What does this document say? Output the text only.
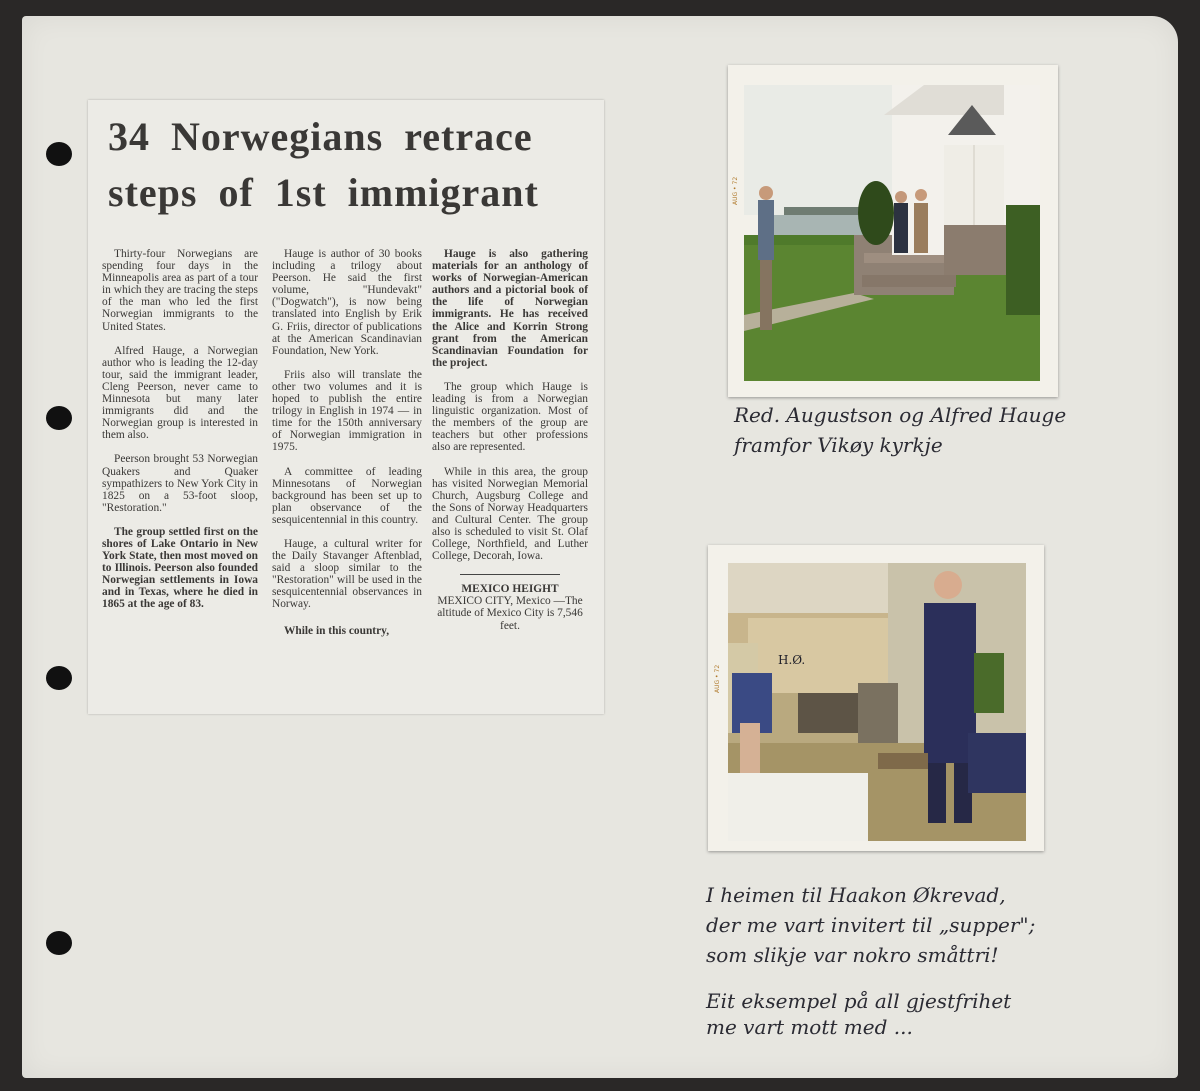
34 Norwegians retrace
steps of 1st immigrant

Thirty-four Norwegians are spending four days in the Minneapolis area as part of a tour in which they are tracing the steps of the man who led the first Norwegian immigrants to the United States.

Alfred Hauge, a Norwegian author who is leading the 12-day tour, said the immigrant leader, Cleng Peerson, never came to Minnesota but many later immigrants did and the Norwegian group is interested in them also.

Peerson brought 53 Norwegian Quakers and Quaker sympathizers to New York City in 1825 on a 53-foot sloop, "Restoration."

The group settled first on the shores of Lake Ontario in New York State, then most moved on to Illinois. Peerson also founded Norwegian settlements in Iowa and in Texas, where he died in 1865 at the age of 83.

Hauge is author of 30 books including a trilogy about Peerson. He said the first volume, "Hundevakt" ("Dogwatch"), is now being translated into English by Erik G. Friis, director of publications at the American Scandinavian Foundation, New York.

Friis also will translate the other two volumes and it is hoped to publish the entire trilogy in English in 1974 — in time for the 150th anniversary of Norwegian immigration in 1975.

A committee of leading Minnesotans of Norwegian background has been set up to plan observance of the sesquicentennial in this country.

Hauge, a cultural writer for the Daily Stavanger Aftenblad, said a sloop similar to the "Restoration" will be used in the sesquicentennial observances in Norway.

While in this country,

Hauge is also gathering materials for an anthology of works of Norwegian-American authors and a pictorial book of the life of Norwegian immigrants. He has received the Alice and Korrin Strong grant from the American Scandinavian Foundation for the project.

The group which Hauge is leading is from a Norwegian linguistic organization. Most of the members of the group are teachers but other professions also are represented.

While in this area, the group has visited Norwegian Memorial Church, Augsburg College and the Sons of Norway Headquarters and Cultural Center. The group also is scheduled to visit St. Olaf College, Northfield, and Luther College, Decorah, Iowa.

MEXICO HEIGHT

MEXICO CITY, Mexico —The altitude of Mexico City is 7,546 feet.

AUG • 72
Red. Augustson og Alfred Hauge
framfor Vikøy kyrkje
AUG • 72
H.Ø.
I heimen til Haakon Økrevad,
der me vart invitert til „supper";
som slikje var nokro småttri!
Eit eksempel på all gjestfrihet
me vart mott med ...
